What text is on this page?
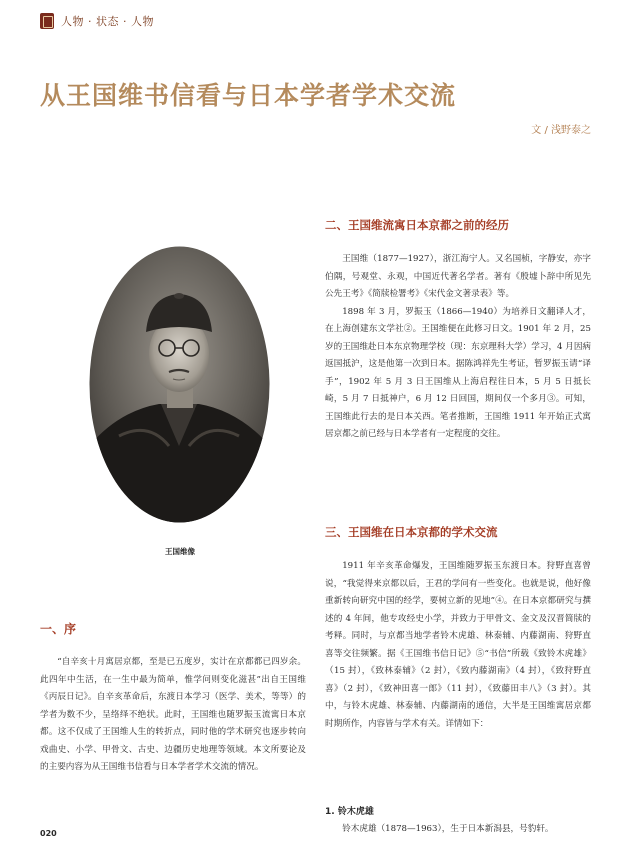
人物 · 状态 · 人物
从王国维书信看与日本学者学术交流
文 / 浅野泰之
王国维像
一、序

“自辛亥十月寓居京都，至是已五度岁，实计在京都都已四岁余。此四年中生活，在一生中最为简单，惟学问则变化滋甚”出自王国维《丙辰日记》。自辛亥革命后，东渡日本学习（医学、美术，等等）的学者为数不少，呈络绎不绝状。此时，王国维也随罗振玉流寓日本京都。这不仅成了王国维人生的转折点，同时他的学术研究也逐步转向戏曲史、小学、甲骨文、古史、边疆历史地理等领域。本文所要论及的主要内容为从王国维书信看与日本学者学术交流的情况。

二、王国维流寓日本京都之前的经历

王国维（1877—1927），浙江海宁人。又名国桢，字静安，亦字伯隅，号观堂、永观，中国近代著名学者。著有《殷墟卜辞中所见先公先王考》《简牍检署考》《宋代金文著录表》等。

1898 年 3 月，罗振玉（1866—1940）为培养日文翻译人才，在上海创建东文学社②。王国维便在此修习日文。1901 年 2 月，25 岁的王国维赴日本东京物理学校（现：东京理科大学）学习，4 月因病返国抵沪，这是他第一次到日本。据陈鸿祥先生考证，暂罗振玉请“译手”，1902 年 5 月 3 日王国维从上海启程往日本，5 月 5 日抵长崎，5 月 7 日抵神户，6 月 12 日回国，期间仅一个多月③。可知，王国维此行去的是日本关西。笔者推断，王国维 1911 年开始正式寓居京都之前已经与日本学者有一定程度的交往。

三、王国维在日本京都的学术交流

1911 年辛亥革命爆发，王国维随罗振玉东渡日本。狩野直喜曾说，“我觉得来京都以后，王君的学问有一些变化。也就是说，他好像重新转向研究中国的经学，要树立新的见地”④。在日本京都研究与撰述的 4 年间，他专攻经史小学，并致力于甲骨文、金文及汉晋简牍的考释。同时，与京都当地学者铃木虎雄、林泰辅、内藤湖南、狩野直喜等交往频繁。据《王国维书信日记》⑤“书信”所载《致铃木虎雄》（15 封），《致林泰辅》（2 封），《致内藤湖南》（4 封），《致狩野直喜》（2 封），《致神田喜一郎》（11 封），《致藤田丰八》（3 封）。其中，与铃木虎雄、林泰辅、内藤湖南的通信，大半是王国维寓居京都时期所作，内容皆与学术有关。详情如下：

1. 铃木虎雄

铃木虎雄（1878—1963），生于日本新潟县，号豹轩。

020
